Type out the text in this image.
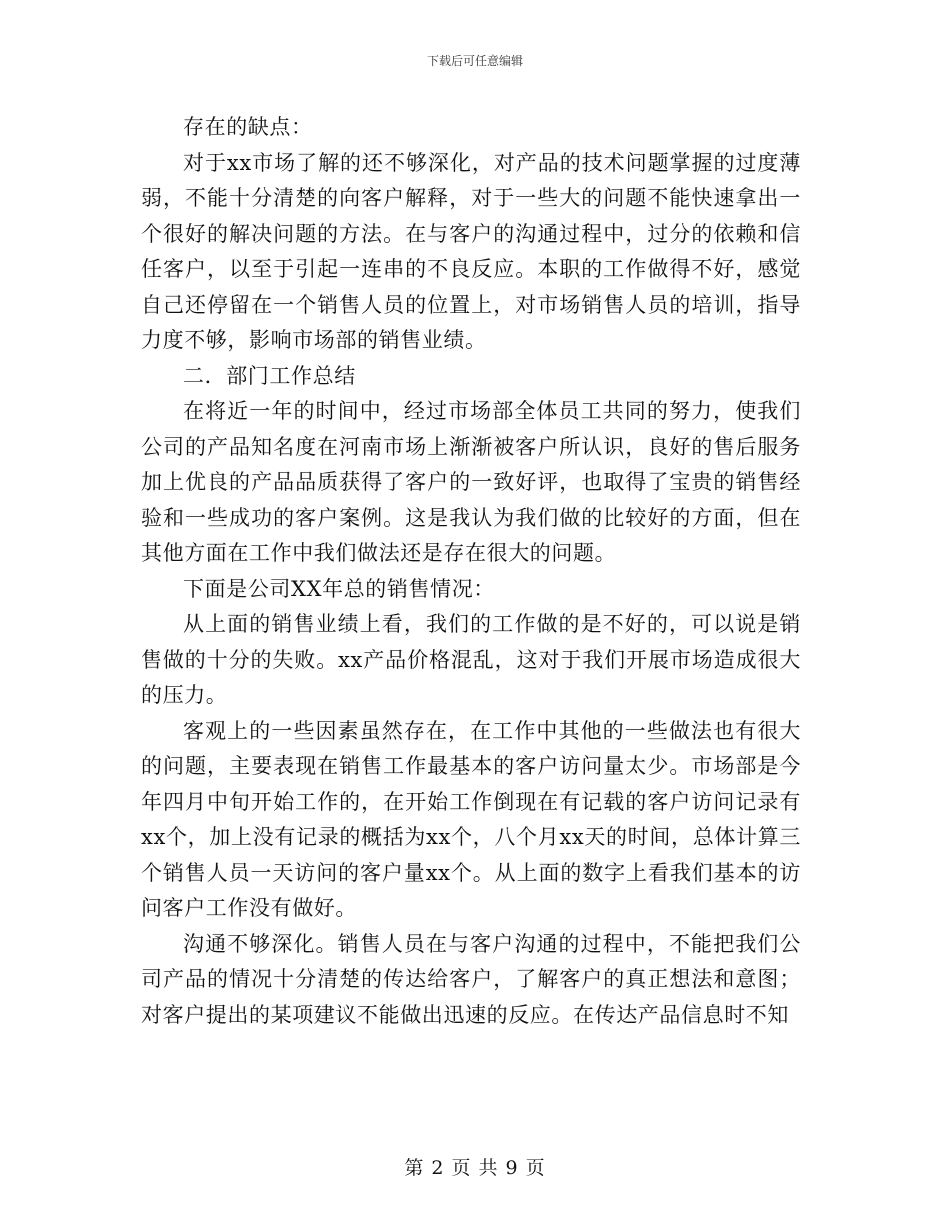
下载后可任意编辑

存在的缺点：

对于xx市场了解的还不够深化，对产品的技术问题掌握的过度薄弱，不能十分清楚的向客户解释，对于一些大的问题不能快速拿出一个很好的解决问题的方法。在与客户的沟通过程中，过分的依赖和信任客户，以至于引起一连串的不良反应。本职的工作做得不好，感觉自己还停留在一个销售人员的位置上，对市场销售人员的培训，指导力度不够，影响市场部的销售业绩。

二．部门工作总结

在将近一年的时间中，经过市场部全体员工共同的努力，使我们公司的产品知名度在河南市场上渐渐被客户所认识，良好的售后服务加上优良的产品品质获得了客户的一致好评，也取得了宝贵的销售经验和一些成功的客户案例。这是我认为我们做的比较好的方面，但在其他方面在工作中我们做法还是存在很大的问题。

下面是公司XX年总的销售情况：

从上面的销售业绩上看，我们的工作做的是不好的，可以说是销售做的十分的失败。xx产品价格混乱，这对于我们开展市场造成很大的压力。

客观上的一些因素虽然存在，在工作中其他的一些做法也有很大的问题，主要表现在销售工作最基本的客户访问量太少。市场部是今年四月中旬开始工作的，在开始工作倒现在有记载的客户访问记录有xx个，加上没有记录的概括为xx个，八个月xx天的时间，总体计算三个销售人员一天访问的客户量xx个。从上面的数字上看我们基本的访问客户工作没有做好。

沟通不够深化。销售人员在与客户沟通的过程中，不能把我们公司产品的情况十分清楚的传达给客户，了解客户的真正想法和意图；对客户提出的某项建议不能做出迅速的反应。在传达产品信息时不知

第 2 页 共 9 页
